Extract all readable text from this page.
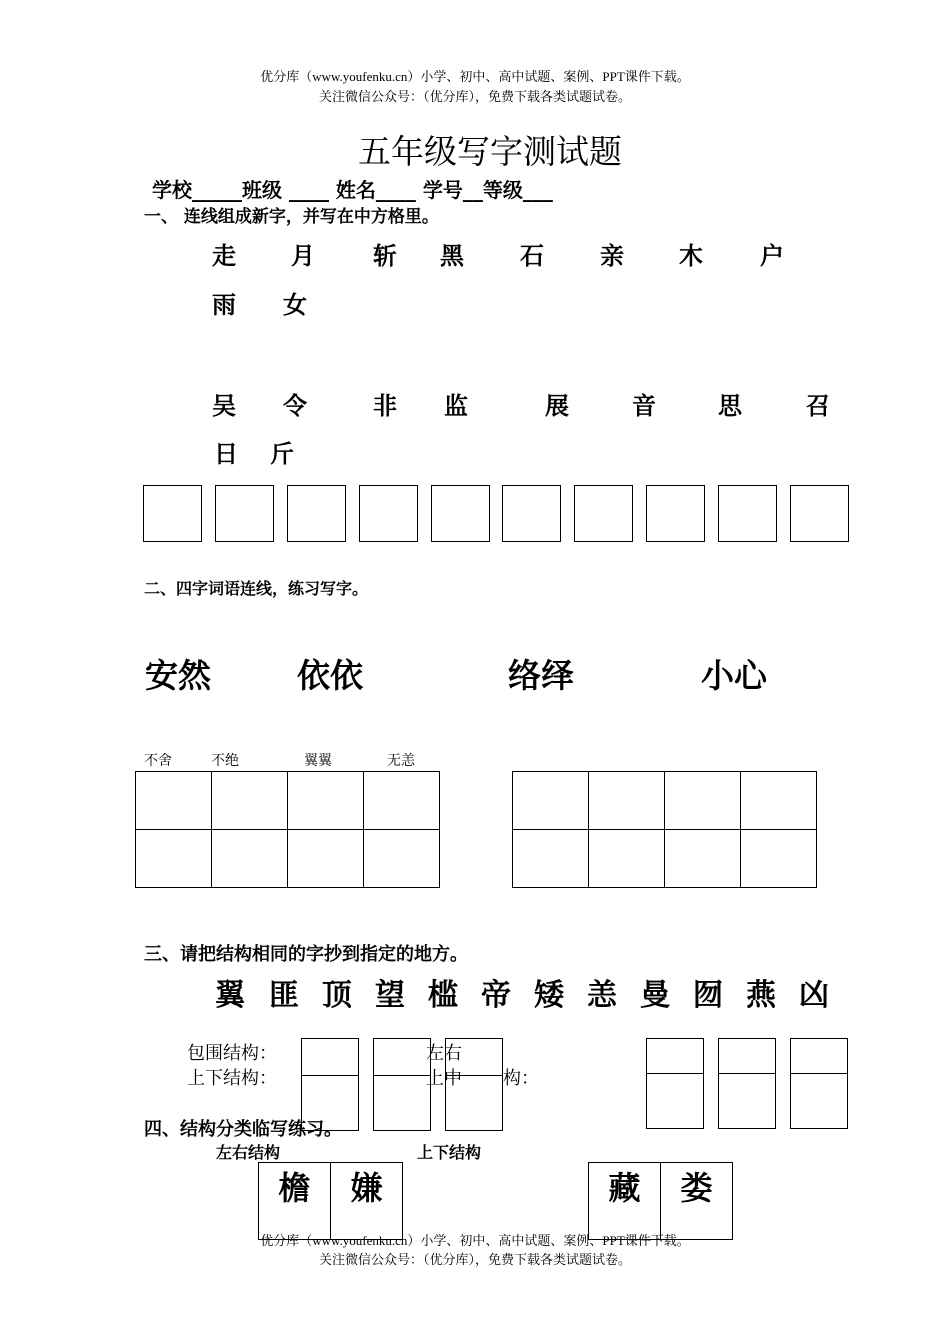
优分库（www.youfenku.cn）小学、初中、高中试题、案例、PPT课件下载。
关注微信公众号：（优分库），免费下载各类试题试卷。
五年级写字测试题
学校_____班级 ____ 姓名____ 学号__等级___
一、 连线组成新字，并写在中方格里。
走 月 斩 黑 石 亲 木 户
雨 女
吴 令	非 监	展	音	思	召
日 斤
二、四字词语连线，练习写字。
安然	依依	络绎	小心
不舍	不绝	翼翼	无恙

三、请把结构相同的字抄到指定的地方。
翼 匪 顶 望 槛 帝 矮 恙 曼 囫 燕 凶
包围结构：
上下结构：
左右
上中 构：
四、结构分类临写练习。
左右结构	上下结构
檐	嫌	藏	娄
优分库（www.youfenku.cn）小学、初中、高中试题、案例、PPT课件下载。
关注微信公众号：（优分库），免费下载各类试题试卷。
